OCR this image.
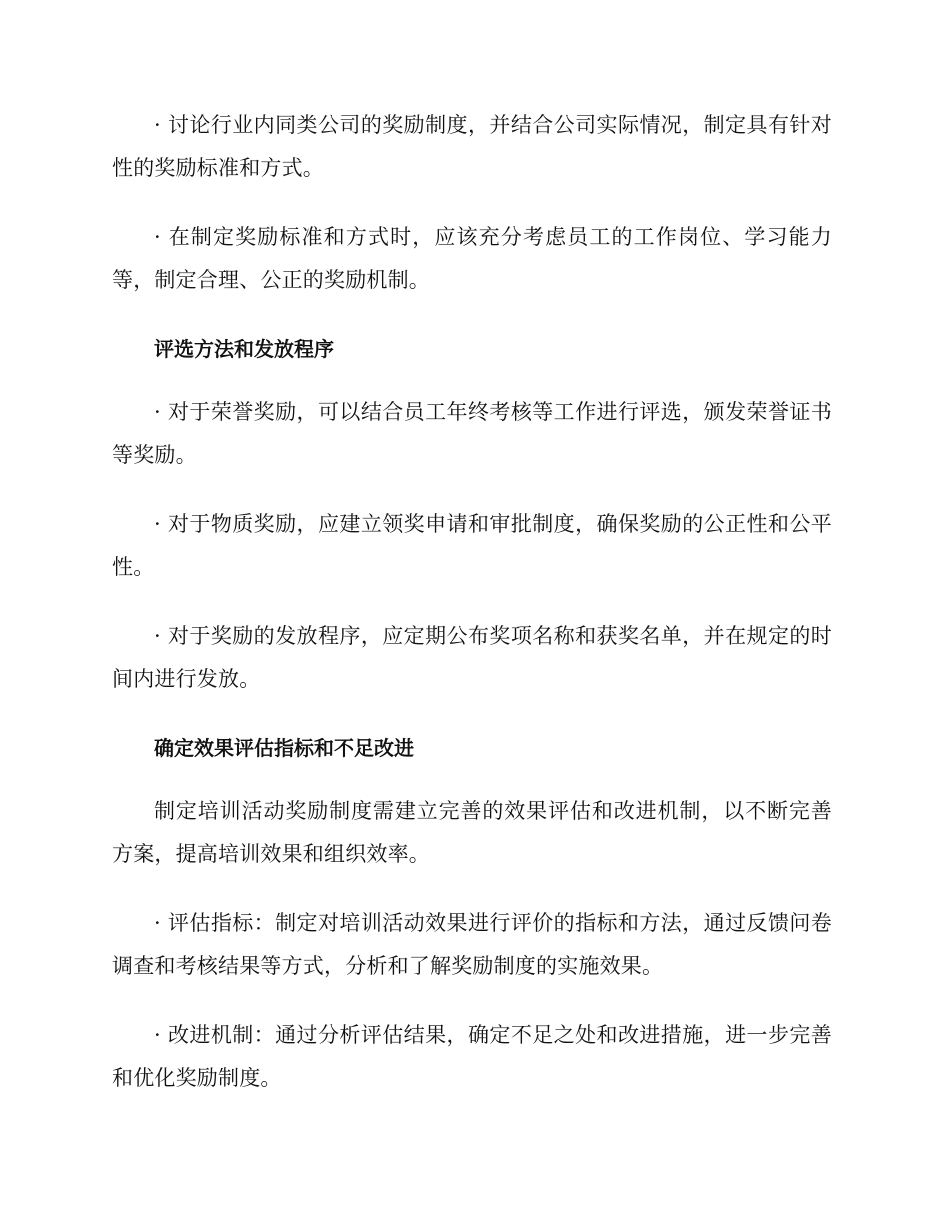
· 讨论行业内同类公司的奖励制度，并结合公司实际情况，制定具有针对性的奖励标准和方式。

· 在制定奖励标准和方式时，应该充分考虑员工的工作岗位、学习能力等，制定合理、公正的奖励机制。

评选方法和发放程序

· 对于荣誉奖励，可以结合员工年终考核等工作进行评选，颁发荣誉证书等奖励。

· 对于物质奖励，应建立领奖申请和审批制度，确保奖励的公正性和公平性。

· 对于奖励的发放程序，应定期公布奖项名称和获奖名单，并在规定的时间内进行发放。

确定效果评估指标和不足改进

制定培训活动奖励制度需建立完善的效果评估和改进机制，以不断完善方案，提高培训效果和组织效率。

· 评估指标：制定对培训活动效果进行评价的指标和方法，通过反馈问卷调查和考核结果等方式，分析和了解奖励制度的实施效果。

· 改进机制：通过分析评估结果，确定不足之处和改进措施，进一步完善和优化奖励制度。
